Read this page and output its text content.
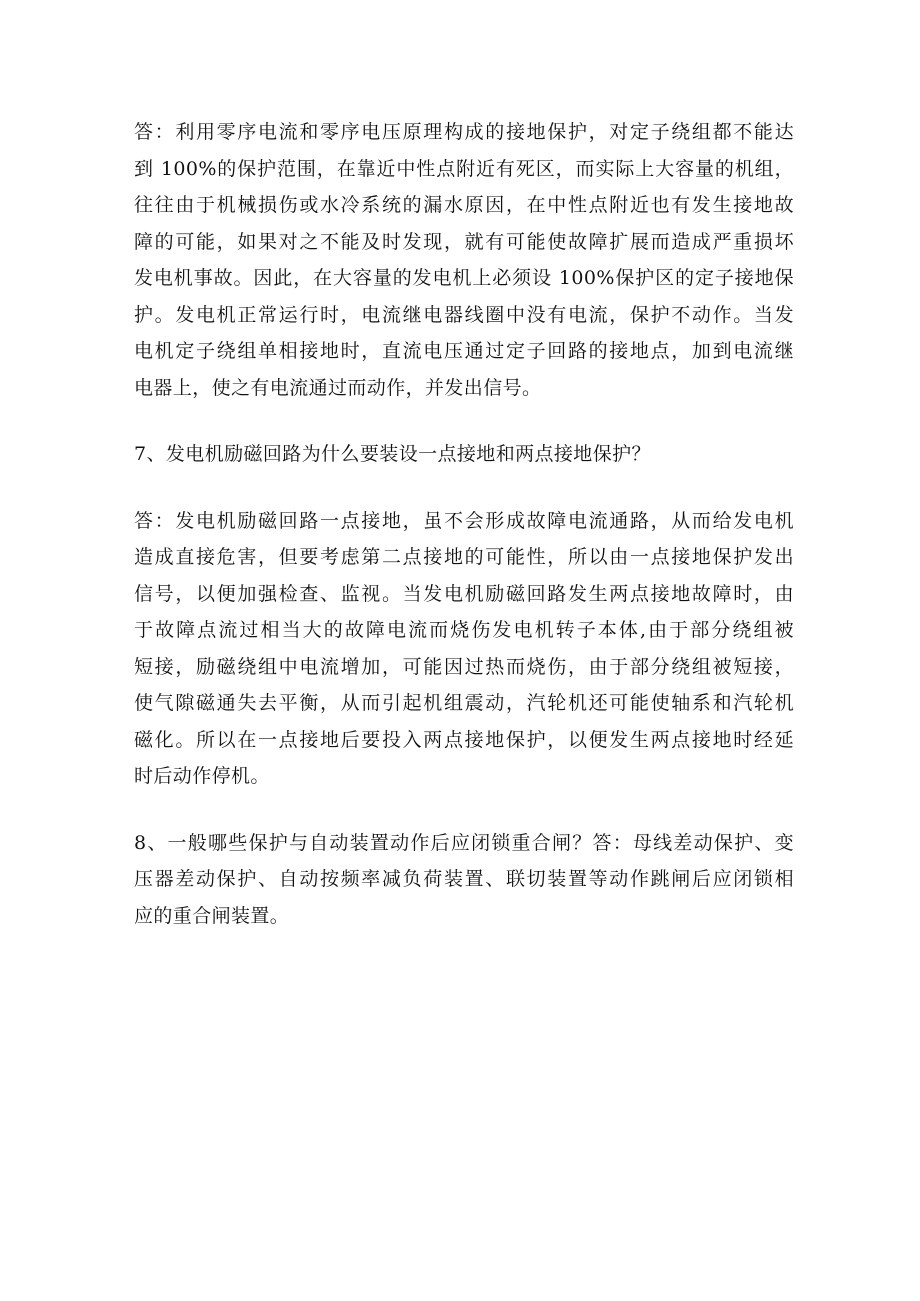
答：利用零序电流和零序电压原理构成的接地保护，对定子绕组都不能达
到 100%的保护范围，在靠近中性点附近有死区，而实际上大容量的机组，
往往由于机械损伤或水冷系统的漏水原因，在中性点附近也有发生接地故
障的可能，如果对之不能及时发现，就有可能使故障扩展而造成严重损坏
发电机事故。因此，在大容量的发电机上必须设 100%保护区的定子接地保
护。发电机正常运行时，电流继电器线圈中没有电流，保护不动作。当发
电机定子绕组单相接地时，直流电压通过定子回路的接地点，加到电流继
电器上，使之有电流通过而动作，并发出信号。

7、发电机励磁回路为什么要装设一点接地和两点接地保护？

答：发电机励磁回路一点接地，虽不会形成故障电流通路，从而给发电机
造成直接危害，但要考虑第二点接地的可能性，所以由一点接地保护发出
信号，以便加强检查、监视。当发电机励磁回路发生两点接地故障时，由
于故障点流过相当大的故障电流而烧伤发电机转子本体,由于部分绕组被
短接，励磁绕组中电流增加，可能因过热而烧伤，由于部分绕组被短接，
使气隙磁通失去平衡，从而引起机组震动，汽轮机还可能使轴系和汽轮机
磁化。所以在一点接地后要投入两点接地保护，以便发生两点接地时经延
时后动作停机。

8、一般哪些保护与自动装置动作后应闭锁重合闸？答：母线差动保护、变
压器差动保护、自动按频率减负荷装置、联切装置等动作跳闸后应闭锁相
应的重合闸装置。
